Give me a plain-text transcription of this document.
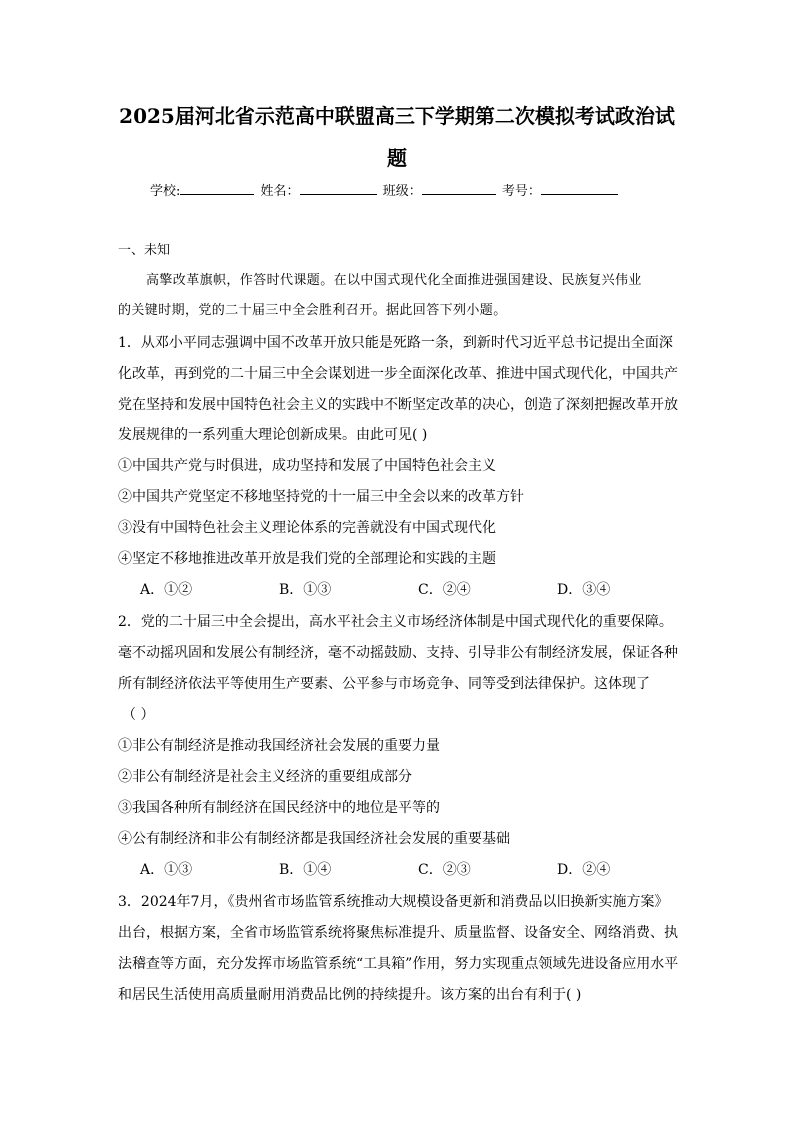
2025届河北省示范高中联盟高三下学期第二次模拟考试政治试
题
学校:	姓名：	班级：	考号：
一、未知
高擎改革旗帜，作答时代课题。在以中国式现代化全面推进强国建设、民族复兴伟业
的关键时期，党的二十届三中全会胜利召开。据此回答下列小题。
1．从邓小平同志强调中国不改革开放只能是死路一条，到新时代习近平总书记提出全面深
化改革，再到党的二十届三中全会谋划进一步全面深化改革、推进中国式现代化，中国共产
党在坚持和发展中国特色社会主义的实践中不断坚定改革的决心，创造了深刻把握改革开放
发展规律的一系列重大理论创新成果。由此可见( )
①中国共产党与时俱进，成功坚持和发展了中国特色社会主义
②中国共产党坚定不移地坚持党的十一届三中全会以来的改革方针
③没有中国特色社会主义理论体系的完善就没有中国式现代化
④坚定不移地推进改革开放是我们党的全部理论和实践的主题
A．①②	B．①③	C．②④	D．③④
2．党的二十届三中全会提出，高水平社会主义市场经济体制是中国式现代化的重要保障。
毫不动摇巩固和发展公有制经济，毫不动摇鼓励、支持、引导非公有制经济发展，保证各种
所有制经济依法平等使用生产要素、公平参与市场竞争、同等受到法律保护。这体现了
（ ）
①非公有制经济是推动我国经济社会发展的重要力量
②非公有制经济是社会主义经济的重要组成部分
③我国各种所有制经济在国民经济中的地位是平等的
④公有制经济和非公有制经济都是我国经济社会发展的重要基础
A．①③	B．①④	C．②③	D．②④
3．2024年7月，《贵州省市场监管系统推动大规模设备更新和消费品以旧换新实施方案》
出台，根据方案，全省市场监管系统将聚焦标准提升、质量监督、设备安全、网络消费、执
法稽查等方面，充分发挥市场监管系统“工具箱”作用，努力实现重点领域先进设备应用水平
和居民生活使用高质量耐用消费品比例的持续提升。该方案的出台有利于( )
